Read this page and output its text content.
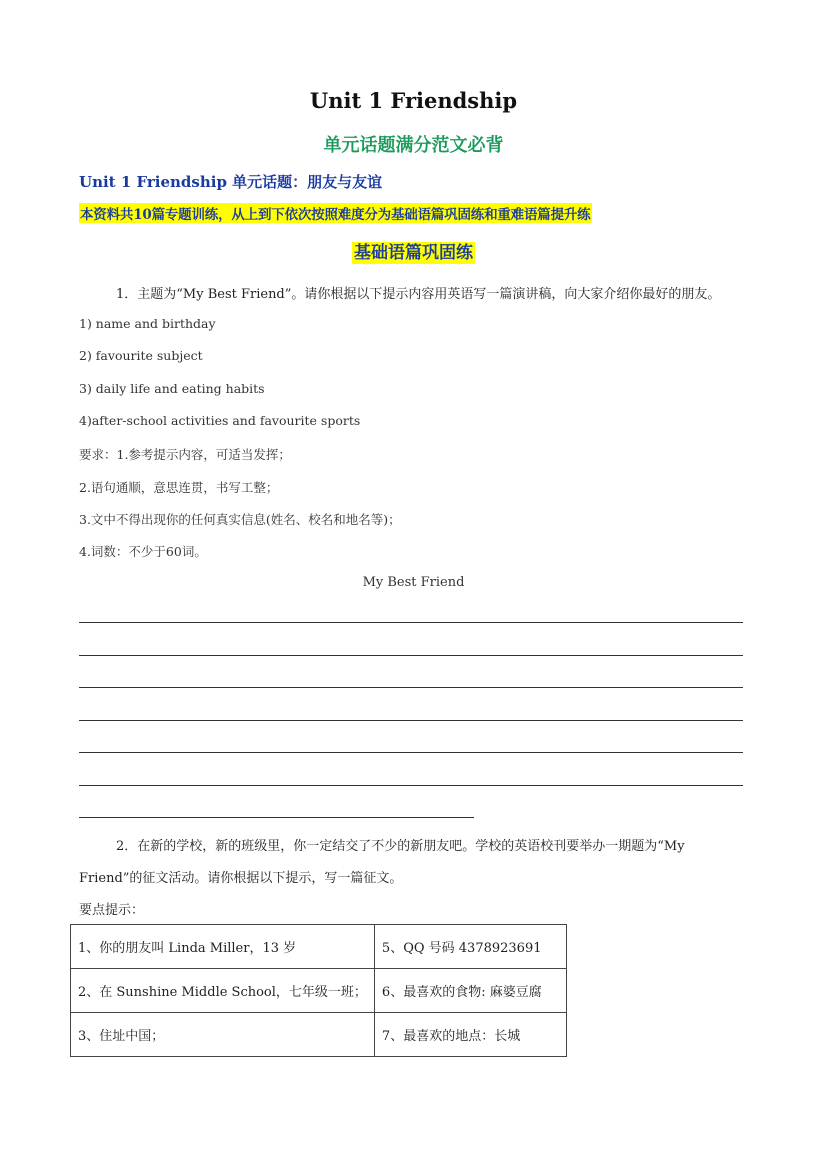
Unit 1 Friendship
单元话题满分范文必背
Unit 1 Friendship 单元话题：朋友与友谊
本资料共10篇专题训练，从上到下依次按照难度分为基础语篇巩固练和重难语篇提升练
基础语篇巩固练
1．主题为“My Best Friend”。请你根据以下提示内容用英语写一篇演讲稿，向大家介绍你最好的朋友。
1) name and birthday
2) favourite subject
3) daily life and eating habits
4)after-school activities and favourite sports
要求：1.参考提示内容，可适当发挥；
2.语句通顺，意思连贯，书写工整；
3.文中不得出现你的任何真实信息(姓名、校名和地名等)；
4.词数：不少于60词。
My Best Friend
2．在新的学校，新的班级里，你一定结交了不少的新朋友吧。学校的英语校刊要举办一期题为“My
Friend”的征文活动。请你根据以下提示，写一篇征文。
要点提示：
1、你的朋友叫 Linda Miller，13 岁	5、QQ 号码 4378923691
2、在 Sunshine Middle School，七年级一班；	6、最喜欢的食物: 麻婆豆腐
3、住址中国；	7、最喜欢的地点：长城
